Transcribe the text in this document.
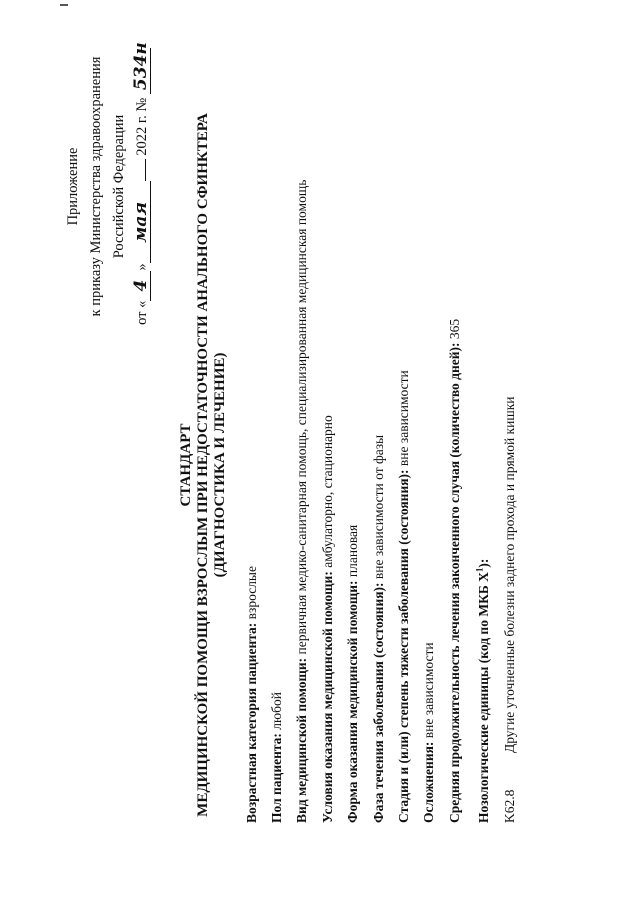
Приложение к приказу Министерства здравоохранения Российской Федерации
от «4»мая 2022 г. № 534н
СТАНДАРТ МЕДИЦИНСКОЙ ПОМОЩИ ВЗРОСЛЫМ ПРИ НЕДОСТАТОЧНОСТИ АНАЛЬНОГО СФИНКТЕРА (ДИАГНОСТИКА И ЛЕЧЕНИЕ)
Возрастная категория пациента: взрослые
Пол пациента: любой Вид медицинской помощи: первичная медико-санитарная помощь, специализированная медицинская помощь
Условия оказания медицинской помощи: амбулаторно, стационарно
Форма оказания медицинской помощи: плановая
Фаза течения заболевания (состояния): вне зависимости от фазы Стадия и (или) степень тяжести заболевания (состояния): вне зависимости
Осложнения: вне зависимости Средняя продолжительность лечения законченного случая (количество дней): 365
Нозологические единицы (код по МКБ $X^1$):
K62.8Другие уточненные болезни заднего прохода и прямой кишки
